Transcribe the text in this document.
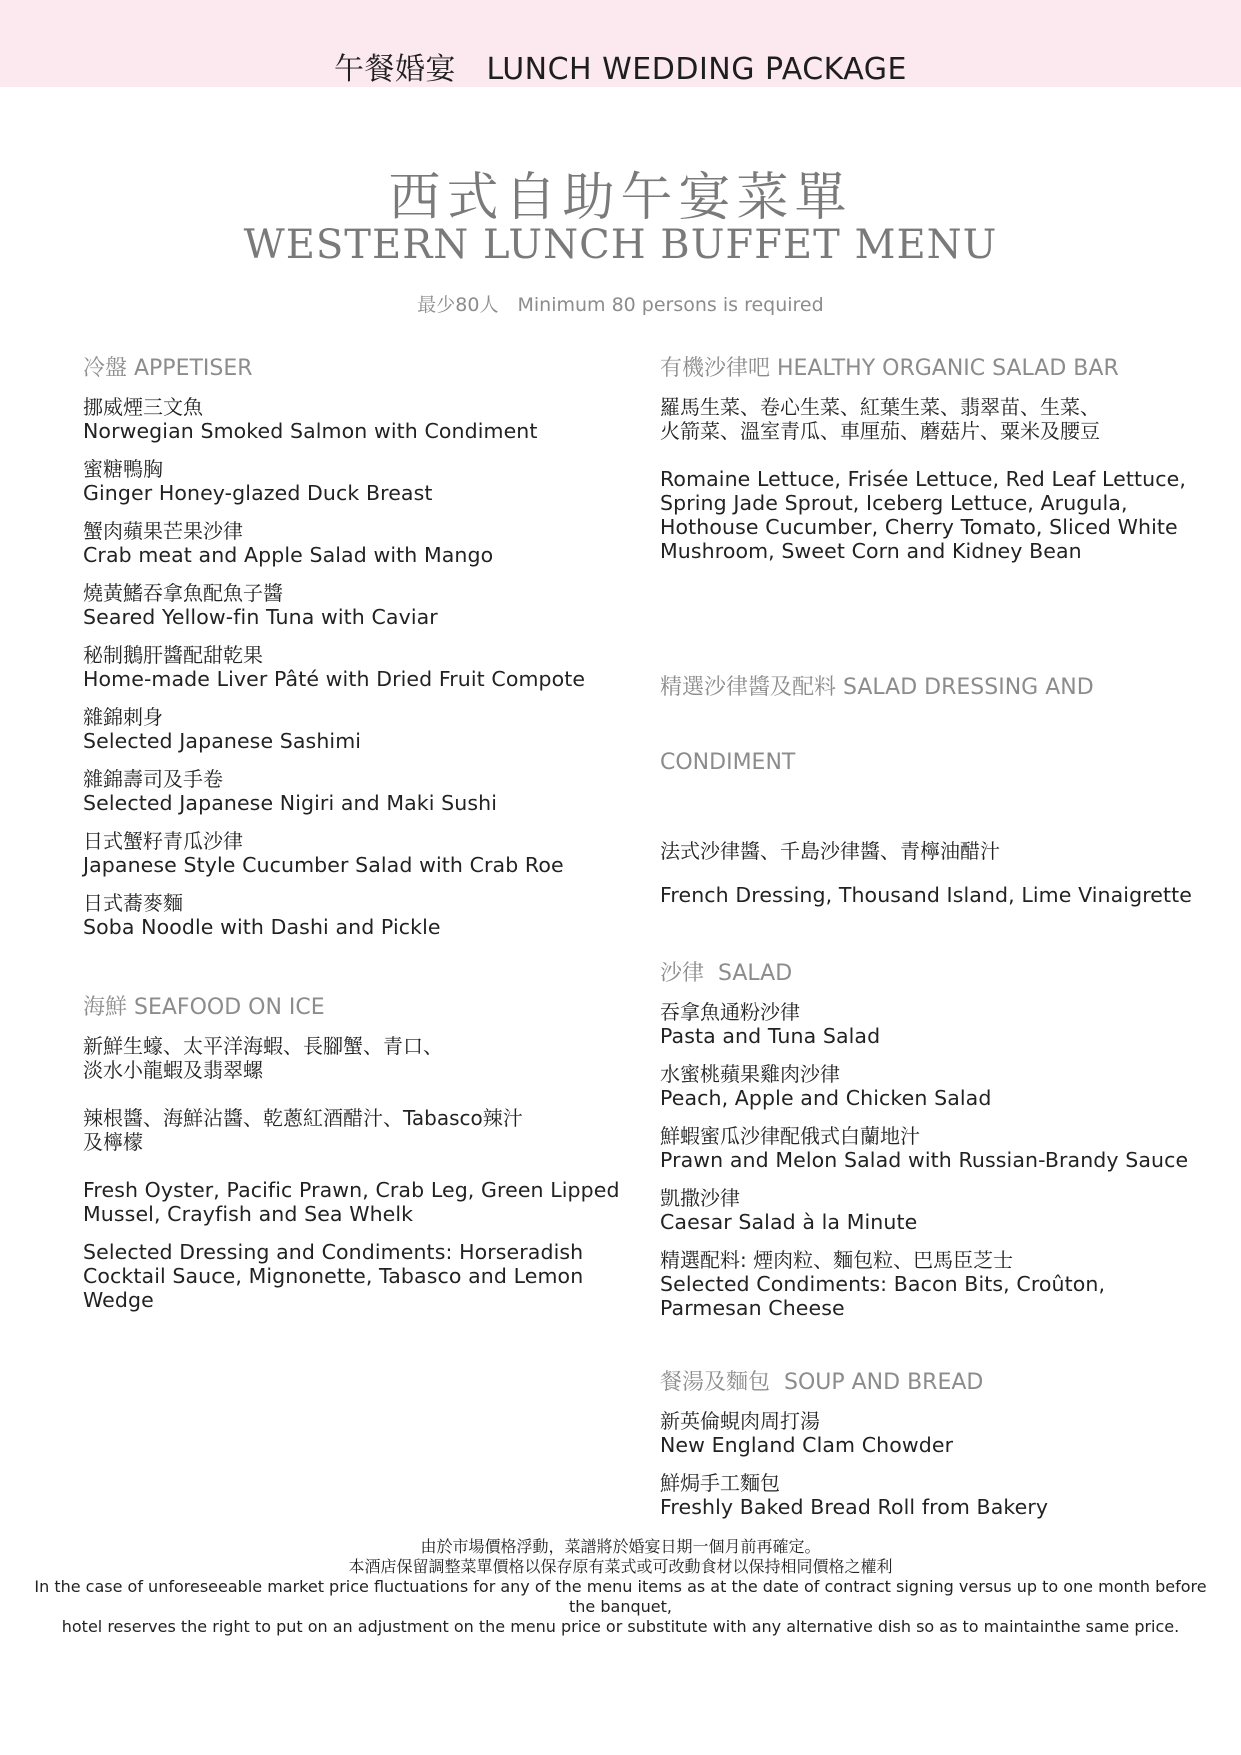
午餐婚宴　LUNCH WEDDING PACKAGE
西式自助午宴菜單
WESTERN LUNCH BUFFET MENU
最少80人　Minimum 80 persons is required
冷盤 APPETISER
挪威煙三文魚
Norwegian Smoked Salmon with Condiment
蜜糖鴨胸
Ginger Honey-glazed Duck Breast
蟹肉蘋果芒果沙律
Crab meat and Apple Salad with Mango
燒黃鰭吞拿魚配魚子醬
Seared Yellow-fin Tuna with Caviar
秘制鵝肝醬配甜乾果
Home-made Liver Pâté with Dried Fruit Compote
雜錦刺身
Selected Japanese Sashimi
雜錦壽司及手卷
Selected Japanese Nigiri and Maki Sushi
日式蟹籽青瓜沙律
Japanese Style Cucumber Salad with Crab Roe
日式蕎麥麵
Soba Noodle with Dashi and Pickle
海鮮 SEAFOOD ON ICE
新鮮生蠔、太平洋海蝦、長腳蟹、青口、
淡水小龍蝦及翡翠螺
辣根醬、海鮮沾醬、乾蔥紅酒醋汁、Tabasco辣汁
及檸檬
Fresh Oyster, Pacific Prawn, Crab Leg, Green Lipped
Mussel, Crayfish and Sea Whelk
Selected Dressing and Condiments: Horseradish
Cocktail Sauce, Mignonette, Tabasco and Lemon
Wedge
有機沙律吧 HEALTHY ORGANIC SALAD BAR
羅馬生菜、卷心生菜、紅葉生菜、翡翠苗、生菜、
火箭菜、溫室青瓜、車厘茄、蘑菇片、粟米及腰豆
Romaine Lettuce, Frisée Lettuce, Red Leaf Lettuce,
Spring Jade Sprout, Iceberg Lettuce, Arugula,
Hothouse Cucumber, Cherry Tomato, Sliced White
Mushroom, Sweet Corn and Kidney Bean

精選沙律醬及配料 SALAD DRESSING AND

CONDIMENT

法式沙律醬、千島沙律醬、青檸油醋汁
French Dressing, Thousand Island, Lime Vinaigrette
沙律  SALAD
吞拿魚通粉沙律
Pasta and Tuna Salad
水蜜桃蘋果雞肉沙律
Peach, Apple and Chicken Salad
鮮蝦蜜瓜沙律配俄式白蘭地汁
Prawn and Melon Salad with Russian-Brandy Sauce
凱撒沙律
Caesar Salad à la Minute
精選配料: 煙肉粒、麵包粒、巴馬臣芝士
Selected Condiments: Bacon Bits, Croûton,
Parmesan Cheese
餐湯及麵包  SOUP AND BREAD
新英倫蜆肉周打湯
New England Clam Chowder
鮮焗手工麵包
Freshly Baked Bread Roll from Bakery
由於市場價格浮動，菜譜將於婚宴日期一個月前再確定。
本酒店保留調整菜單價格以保存原有菜式或可改動食材以保持相同價格之權利
In the case of unforeseeable market price fluctuations for any of the menu items as at the date of contract signing versus up to one month before
the banquet,
hotel reserves the right to put on an adjustment on the menu price or substitute with any alternative dish so as to maintainthe same price.
